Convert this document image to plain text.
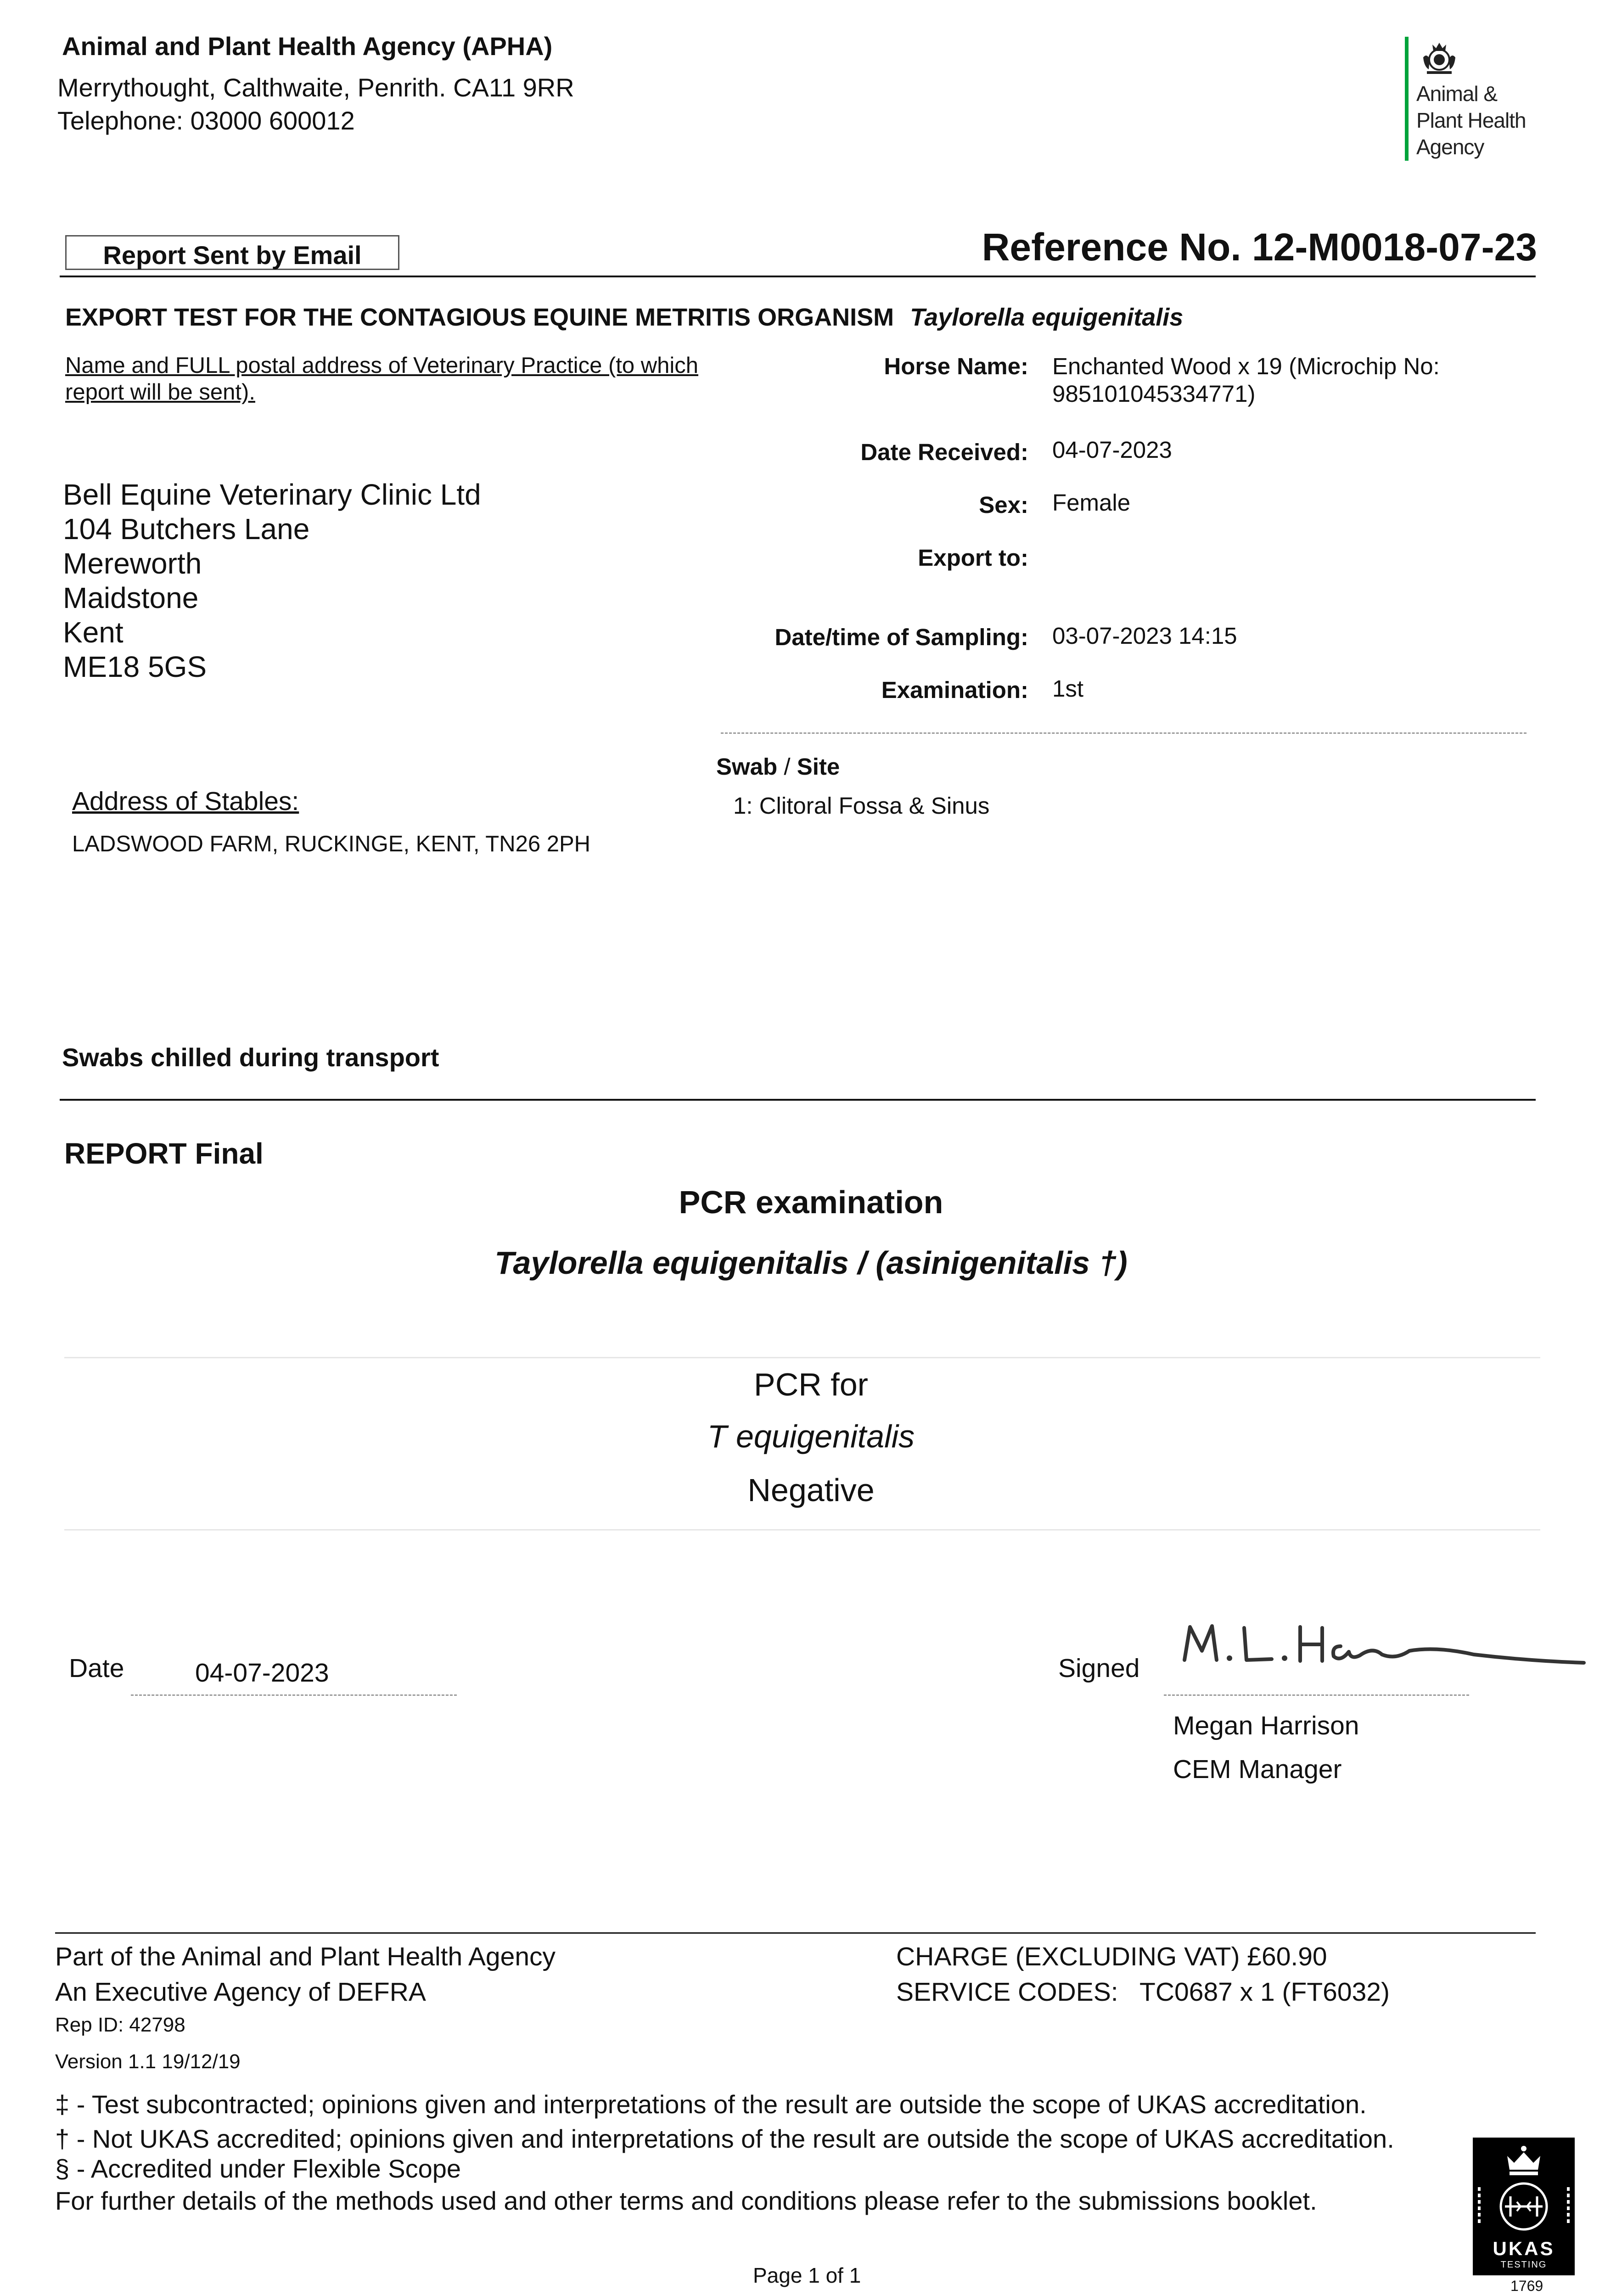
Animal and Plant Health Agency (APHA)
Merrythought, Calthwaite, Penrith. CA11 9RR
Telephone: 03000 600012
Animal &
Plant Health
Agency
Report Sent by Email	Reference No. 12-M0018-07-23
EXPORT TEST FOR THE CONTAGIOUS EQUINE METRITIS ORGANISM Taylorella equigenitalis
Name and FULL postal address of Veterinary Practice (to which
report will be sent).
Bell Equine Veterinary Clinic Ltd
104 Butchers Lane
Mereworth
Maidstone
Kent
ME18 5GS
Horse Name: Enchanted Wood x 19 (Microchip No:
985101045334771)
Date Received: 04-07-2023
Sex: Female
Export to:
Date/time of Sampling: 03-07-2023 14:15
Examination: 1st
Swab / Site
1: Clitoral Fossa & Sinus
Address of Stables:
LADSWOOD FARM, RUCKINGE, KENT, TN26 2PH
Swabs chilled during transport
REPORT Final
PCR examination
Taylorella equigenitalis / (asinigenitalis †)
PCR for
T equigenitalis
Negative
Date	04-07-2023	Signed
Megan Harrison
CEM Manager
Part of the Animal and Plant Health Agency
An Executive Agency of DEFRA
Rep ID: 42798
Version 1.1 19/12/19
CHARGE (EXCLUDING VAT) £60.90
SERVICE CODES:   TC0687 x 1 (FT6032)
‡ - Test subcontracted; opinions given and interpretations of the result are outside the scope of UKAS accreditation.
† - Not UKAS accredited; opinions given and interpretations of the result are outside the scope of UKAS accreditation.
§ - Accredited under Flexible Scope
For further details of the methods used and other terms and conditions please refer to the submissions booklet.
Page 1 of 1
UKAS
TESTING
1769
